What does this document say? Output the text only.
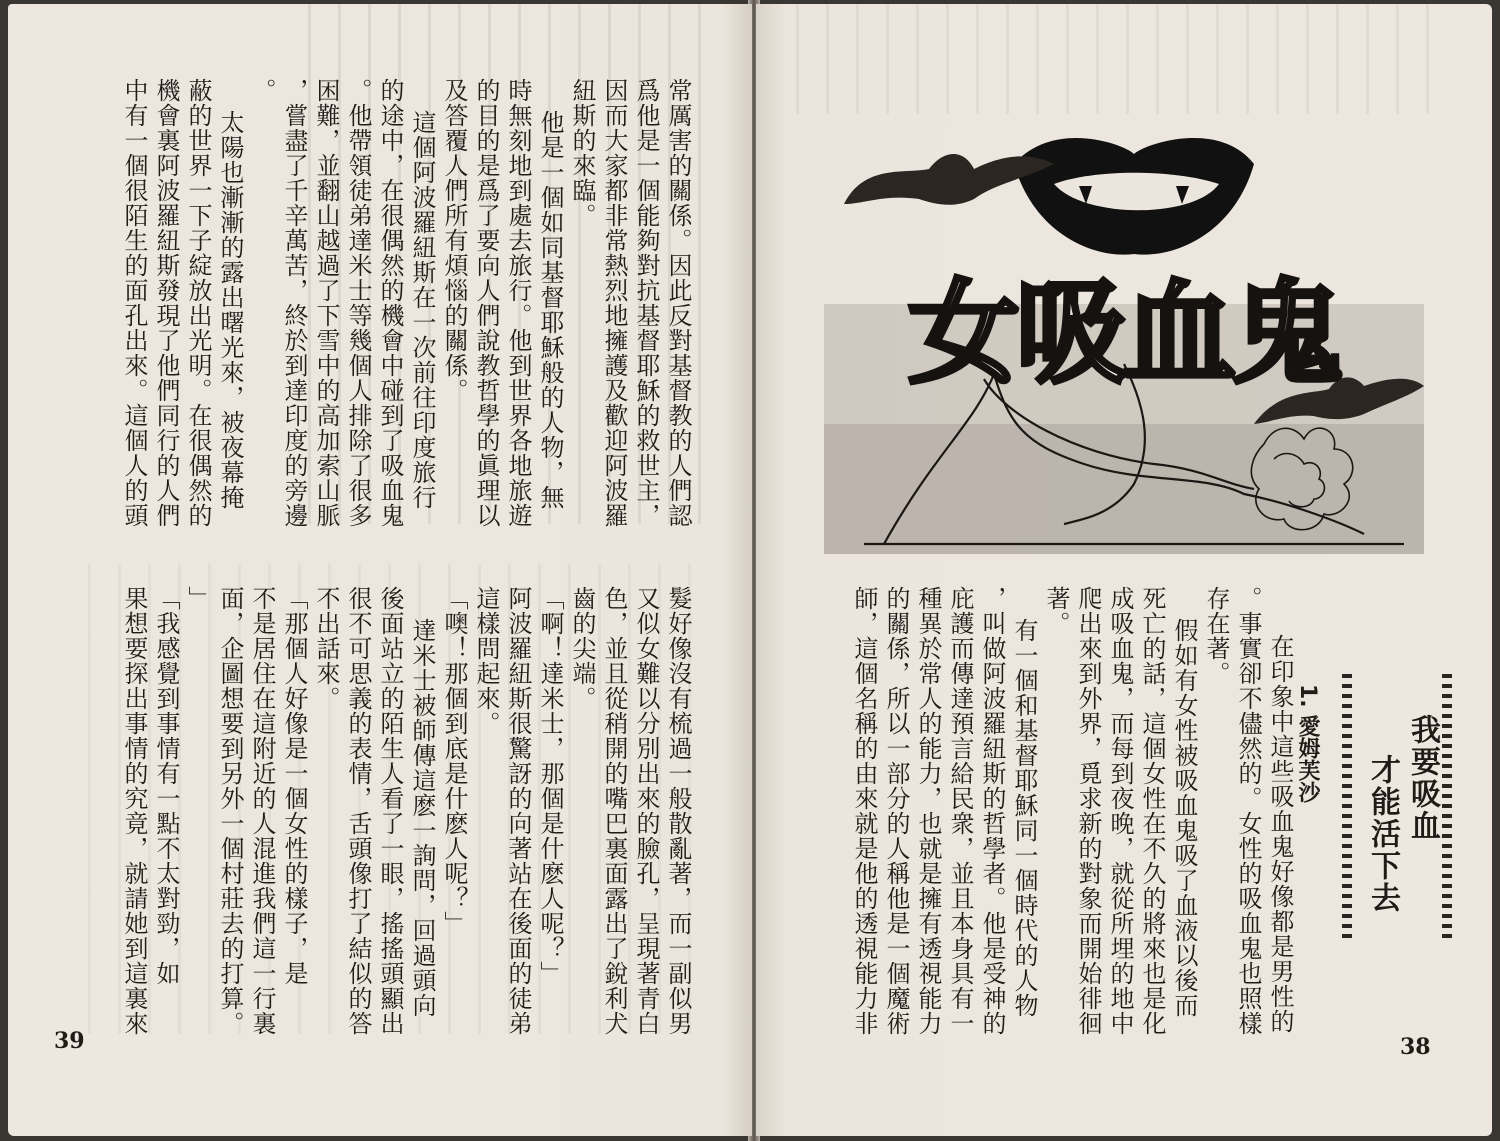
常厲害的關係。因此反對基督教的人們認

爲他是一個能夠對抗基督耶穌的救世主，

因而大家都非常熱烈地擁護及歡迎阿波羅

紐斯的來臨。

他是一個如同基督耶穌般的人物，無

時無刻地到處去旅行。他到世界各地旅遊

的目的是爲了要向人們說教哲學的眞理以

及答覆人們所有煩惱的關係。

這個阿波羅紐斯在一次前往印度旅行

的途中，在很偶然的機會中碰到了吸血鬼

。他帶領徒弟達米士等幾個人排除了很多

困難，並翻山越過了下雪中的高加索山脈

，嘗盡了千辛萬苦，終於到達印度的旁邊

。

太陽也漸漸的露出曙光來，被夜幕掩

蔽的世界一下子綻放出光明。在很偶然的

機會裏阿波羅紐斯發現了他們同行的人們

中有一個很陌生的面孔出來。這個人的頭

髮好像沒有梳過一般散亂著，而一副似男

又似女難以分別出來的臉孔，呈現著青白

色，並且從稍開的嘴巴裏面露出了銳利犬

齒的尖端。

「啊！達米士，那個是什麽人呢？」

阿波羅紐斯很驚訝的向著站在後面的徒弟

這樣問起來。

「噢！那個到底是什麽人呢？」

達米士被師傳這麽一詢問，回過頭向

後面站立的陌生人看了一眼，搖搖頭顯出

很不可思義的表情，舌頭像打了結似的答

不出話來。

「那個人好像是一個女性的樣子，是

不是居住在這附近的人混進我們這一行裏

面，企圖想要到另外一個村莊去的打算。

」

「我感覺到事情有一點不太對勁，如

果想要探出事情的究竟，就請她到這裏來

39
女吸血鬼
我要吸血
才能活下去
1. 愛姆芙沙

在印象中這些吸血鬼好像都是男性的

。事實卻不儘然的。女性的吸血鬼也照樣

存在著。

假如有女性被吸血鬼吸了血液以後而

死亡的話，這個女性在不久的將來也是化

成吸血鬼，而每到夜晚，就從所埋的地中

爬出來到外界，覓求新的對象而開始徘徊

著。

有一個和基督耶穌同一個時代的人物

，叫做阿波羅紐斯的哲學者。他是受神的

庇護而傳達預言給民衆，並且本身具有一

種異於常人的能力，也就是擁有透視能力

的關係，所以一部分的人稱他是一個魔術

師，這個名稱的由來就是他的透視能力非

38
